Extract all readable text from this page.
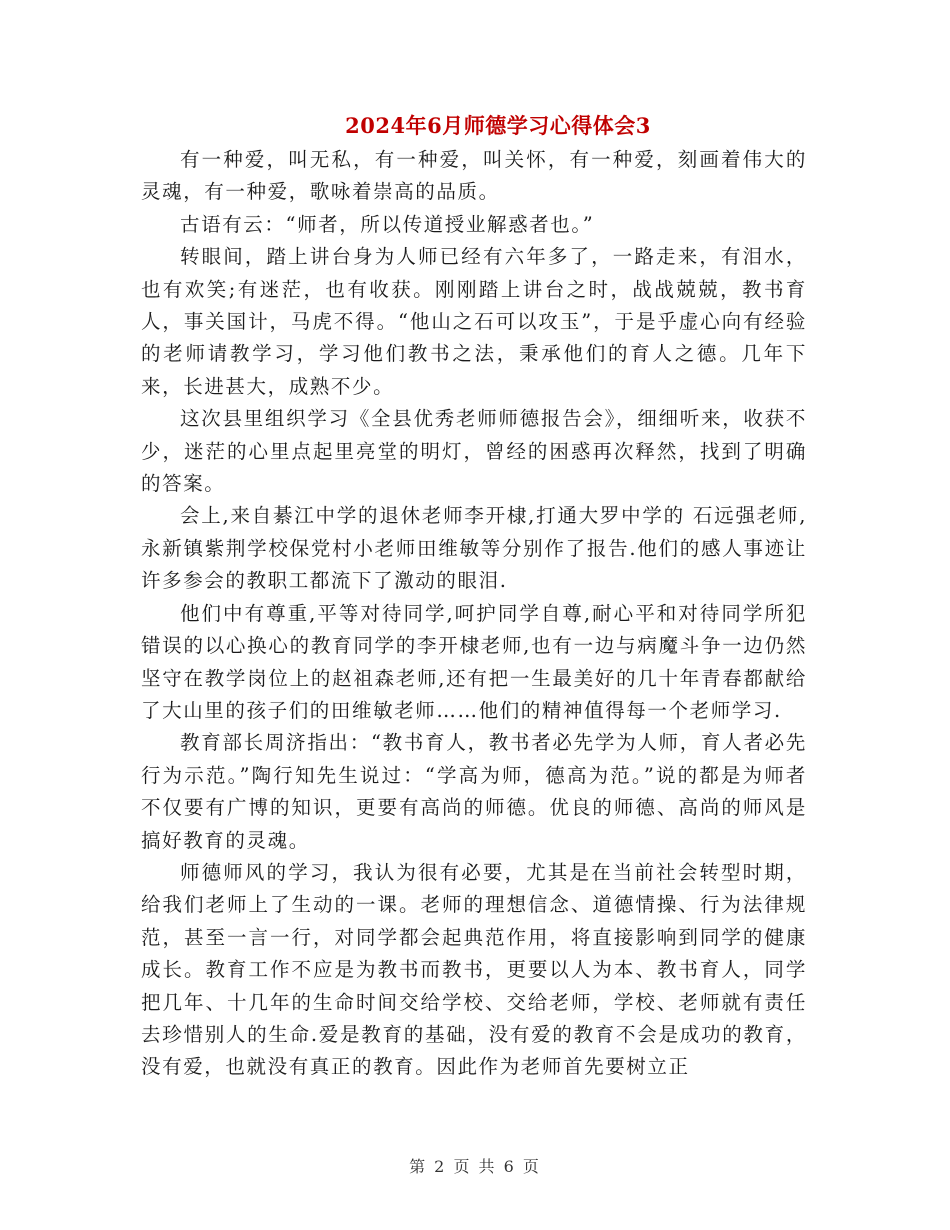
2024年6月师德学习心得体会3

有一种爱，叫无私，有一种爱，叫关怀，有一种爱，刻画着伟大的灵魂，有一种爱，歌咏着崇高的品质。

古语有云：“师者，所以传道授业解惑者也。”

转眼间，踏上讲台身为人师已经有六年多了，一路走来，有泪水，也有欢笑;有迷茫，也有收获。刚刚踏上讲台之时，战战兢兢，教书育人，事关国计，马虎不得。“他山之石可以攻玉”，于是乎虚心向有经验的老师请教学习，学习他们教书之法，秉承他们的育人之德。几年下来，长进甚大，成熟不少。

这次县里组织学习《全县优秀老师师德报告会》，细细听来，收获不少，迷茫的心里点起里亮堂的明灯，曾经的困惑再次释然，找到了明确的答案。

会上,来自綦江中学的退休老师李开棣,打通大罗中学的 石远强老师,永新镇紫荆学校保党村小老师田维敏等分别作了报告.他们的感人事迹让许多参会的教职工都流下了激动的眼泪.

他们中有尊重,平等对待同学,呵护同学自尊,耐心平和对待同学所犯错误的以心换心的教育同学的李开棣老师,也有一边与病魔斗争一边仍然坚守在教学岗位上的赵祖森老师,还有把一生最美好的几十年青春都献给了大山里的孩子们的田维敏老师……他们的精神值得每一个老师学习.

教育部长周济指出：“教书育人，教书者必先学为人师，育人者必先行为示范。”陶行知先生说过：“学高为师，德高为范。”说的都是为师者不仅要有广博的知识，更要有高尚的师德。优良的师德、高尚的师风是搞好教育的灵魂。

师德师风的学习，我认为很有必要，尤其是在当前社会转型时期，给我们老师上了生动的一课。老师的理想信念、道德情操、行为法律规范，甚至一言一行，对同学都会起典范作用，将直接影响到同学的健康成长。教育工作不应是为教书而教书，更要以人为本、教书育人，同学把几年、十几年的生命时间交给学校、交给老师，学校、老师就有责任去珍惜别人的生命.爱是教育的基础，没有爱的教育不会是成功的教育，没有爱，也就没有真正的教育。因此作为老师首先要树立正

第 2 页 共 6 页
